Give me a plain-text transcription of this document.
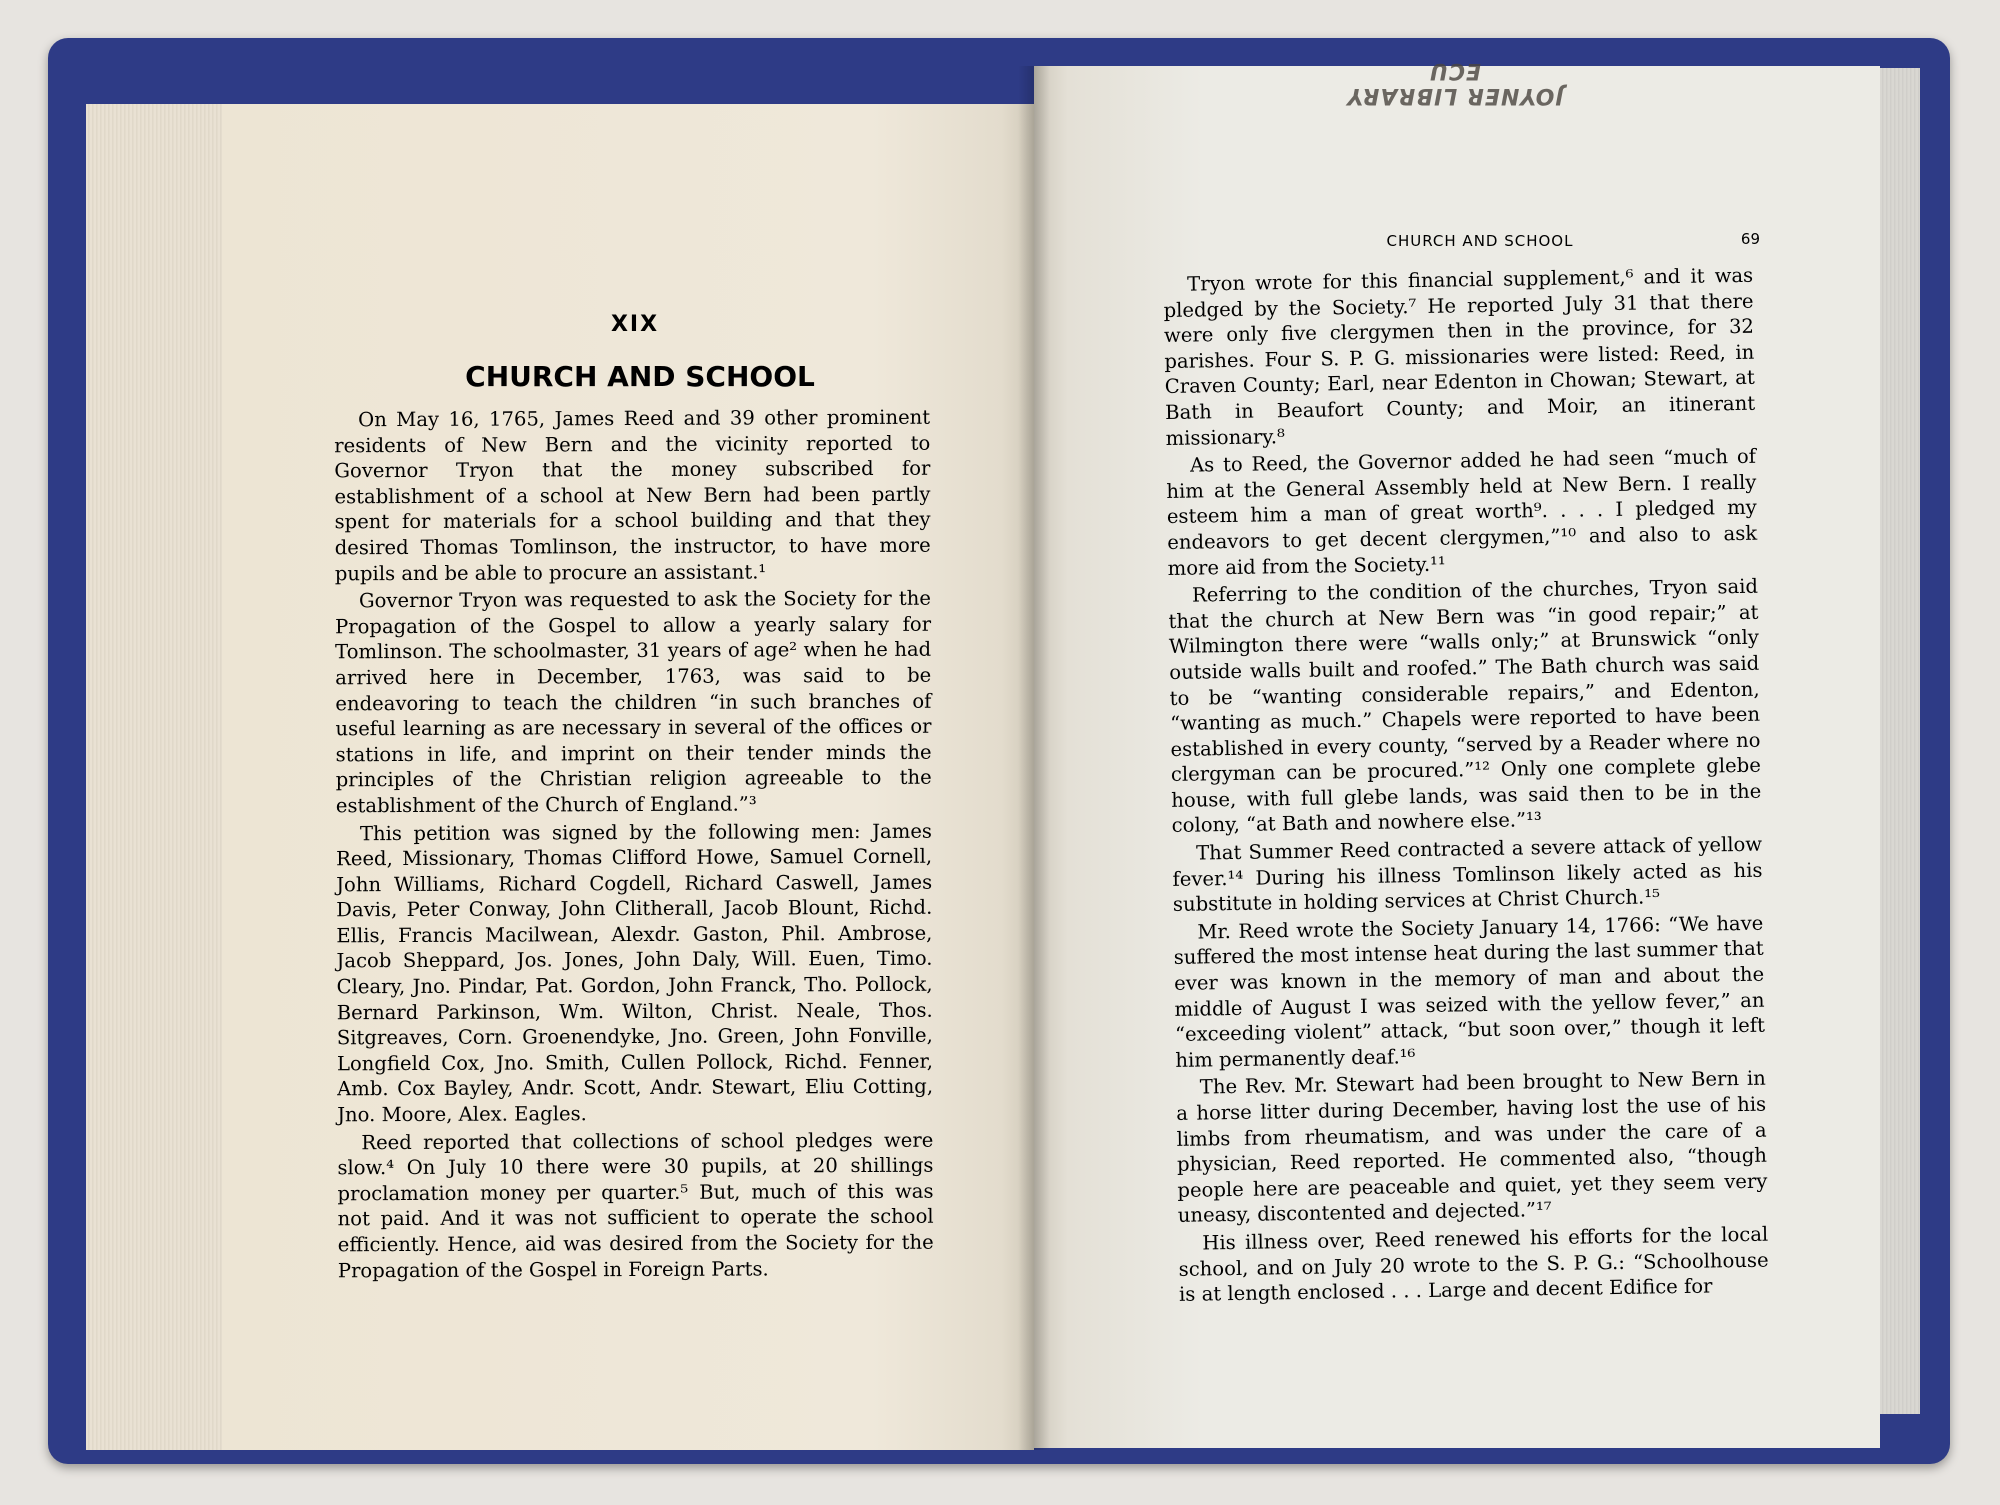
JOYNER LIBRARY ECU
XIX
CHURCH AND SCHOOL

On May 16, 1765, James Reed and 39 other prominent residents of New Bern and the vicinity reported to Governor Tryon that the money subscribed for establishment of a school at New Bern had been partly spent for materials for a school building and that they desired Thomas Tomlinson, the instructor, to have more pupils and be able to procure an assistant.¹

Governor Tryon was requested to ask the Society for the Propagation of the Gospel to allow a yearly salary for Tomlinson. The schoolmaster, 31 years of age² when he had arrived here in December, 1763, was said to be endeavoring to teach the children “in such branches of useful learning as are necessary in several of the offices or stations in life, and imprint on their tender minds the principles of the Christian religion agreeable to the establishment of the Church of England.”³

This petition was signed by the following men: James Reed, Missionary, Thomas Clifford Howe, Samuel Cornell, John Williams, Richard Cogdell, Richard Caswell, James Davis, Peter Conway, John Clitherall, Jacob Blount, Richd. Ellis, Francis Macilwean, Alexdr. Gaston, Phil. Ambrose, Jacob Sheppard, Jos. Jones, John Daly, Will. Euen, Timo. Cleary, Jno. Pindar, Pat. Gordon, John Franck, Tho. Pollock, Bernard Parkinson, Wm. Wilton, Christ. Neale, Thos. Sitgreaves, Corn. Groenendyke, Jno. Green, John Fonville, Longfield Cox, Jno. Smith, Cullen Pollock, Richd. Fenner, Amb. Cox Bayley, Andr. Scott, Andr. Stewart, Eliu Cotting, Jno. Moore, Alex. Eagles.

Reed reported that collections of school pledges were slow.⁴ On July 10 there were 30 pupils, at 20 shillings proclamation money per quarter.⁵ But, much of this was not paid. And it was not sufficient to operate the school efficiently. Hence, aid was desired from the Society for the Propagation of the Gospel in Foreign Parts.

CHURCH AND SCHOOL	69

Tryon wrote for this financial supplement,⁶ and it was pledged by the Society.⁷ He reported July 31 that there were only five clergymen then in the province, for 32 parishes. Four S. P. G. missionaries were listed: Reed, in Craven County; Earl, near Edenton in Chowan; Stewart, at Bath in Beaufort County; and Moir, an itinerant missionary.⁸

As to Reed, the Governor added he had seen “much of him at the General Assembly held at New Bern. I really esteem him a man of great worth⁹. . . . I pledged my endeavors to get decent clergymen,”¹⁰ and also to ask more aid from the Society.¹¹

Referring to the condition of the churches, Tryon said that the church at New Bern was “in good repair;” at Wilmington there were “walls only;” at Brunswick “only outside walls built and roofed.” The Bath church was said to be “wanting considerable repairs,” and Edenton, “wanting as much.” Chapels were reported to have been established in every county, “served by a Reader where no clergyman can be procured.”¹² Only one complete glebe house, with full glebe lands, was said then to be in the colony, “at Bath and nowhere else.”¹³

That Summer Reed contracted a severe attack of yellow fever.¹⁴ During his illness Tomlinson likely acted as his substitute in holding services at Christ Church.¹⁵

Mr. Reed wrote the Society January 14, 1766: “We have suffered the most intense heat during the last summer that ever was known in the memory of man and about the middle of August I was seized with the yellow fever,” an “exceeding violent” attack, “but soon over,” though it left him permanently deaf.¹⁶

The Rev. Mr. Stewart had been brought to New Bern in a horse litter during December, having lost the use of his limbs from rheumatism, and was under the care of a physician, Reed reported. He commented also, “though people here are peaceable and quiet, yet they seem very uneasy, discontented and dejected.”¹⁷

His illness over, Reed renewed his efforts for the local school, and on July 20 wrote to the S. P. G.: “Schoolhouse is at length enclosed . . . Large and decent Edifice for
